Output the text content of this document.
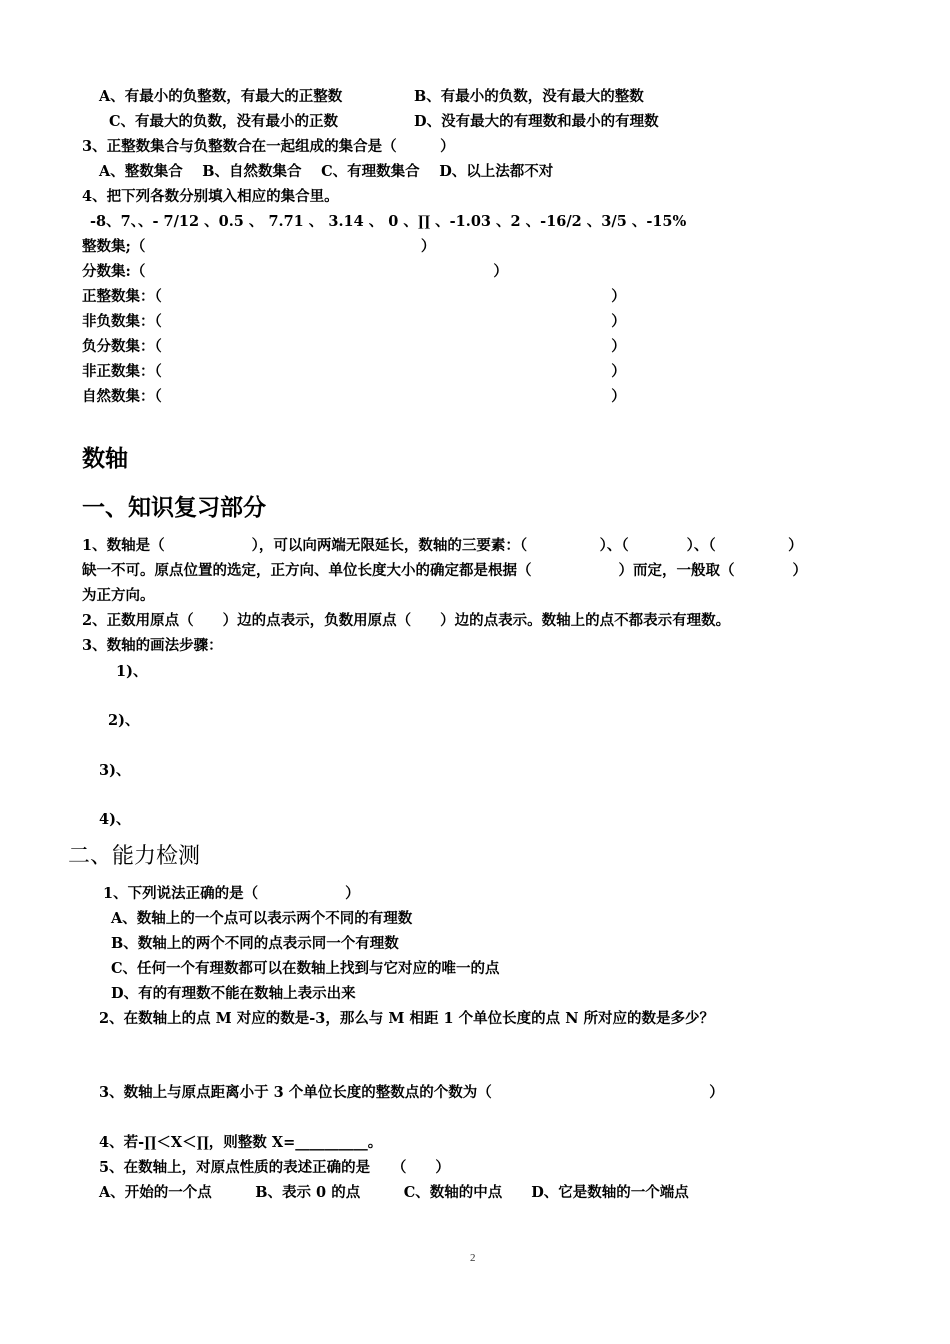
A、有最小的负整数，有最大的正整数	B、有最小的负数，没有最大的整数

C、有最大的负数，没有最小的正数	D、没有最大的有理数和最小的有理数

3、正整数集合与负整数合在一起组成的集合是（　　　）

A、整数集合　 B、自然数集合　 C、有理数集合　 D、以上法都不对

4、把下列各数分别填入相应的集合里。

-8、7、、- 7/12 、0.5 、 7.71 、 3.14 、 0 、∏ 、-1.03 、2 、-16/2 、3/5 、-15%

整数集;（　　　　　　　　　　　　　　　　　　　）

分数集:（　　　　　　　　　　　　　　　　　　　　　　　　）

正整数集：（　　　　　　　　　　　　　　　　　　　　　　　　　　　　　　　）

非负数集：（　　　　　　　　　　　　　　　　　　　　　　　　　　　　　　　）

负分数集：（　　　　　　　　　　　　　　　　　　　　　　　　　　　　　　　）

非正数集：（　　　　　　　　　　　　　　　　　　　　　　　　　　　　　　　）

自然数集：（　　　　　　　　　　　　　　　　　　　　　　　　　　　　　　　）

数轴
一、知识复习部分

1、数轴是（　　　　　　），可以向两端无限延长，数轴的三要素：（　　　　　）、（　　　　）、（　　　　　）

缺一不可。原点位置的选定，正方向、单位长度大小的确定都是根据（　　　　　　）而定，一般取（　　　　）

为正方向。

2、正数用原点（　　）边的点表示，负数用原点（　　）边的点表示。数轴上的点不都表示有理数。

3、数轴的画法步骤：

1)、

2)、

3)、

4)、

二、能力检测

1、下列说法正确的是（　　　　　　）

A、数轴上的一个点可以表示两个不同的有理数

B、数轴上的两个不同的点表示同一个有理数

C、任何一个有理数都可以在数轴上找到与它对应的唯一的点

D、有的有理数不能在数轴上表示出来

2、在数轴上的点 M 对应的数是-3，那么与 M 相距 1 个单位长度的点 N 所对应的数是多少？

3、数轴上与原点距离小于 3 个单位长度的整数点的个数为（　　　　　　　　　　　　　　　）

4、若-∏＜X＜∏，则整数 X=__________。

5、在数轴上，对原点性质的表述正确的是　　（　　）

A、开始的一个点　　　B、表示 0 的点　　　C、数轴的中点　　D、它是数轴的一个端点

2
